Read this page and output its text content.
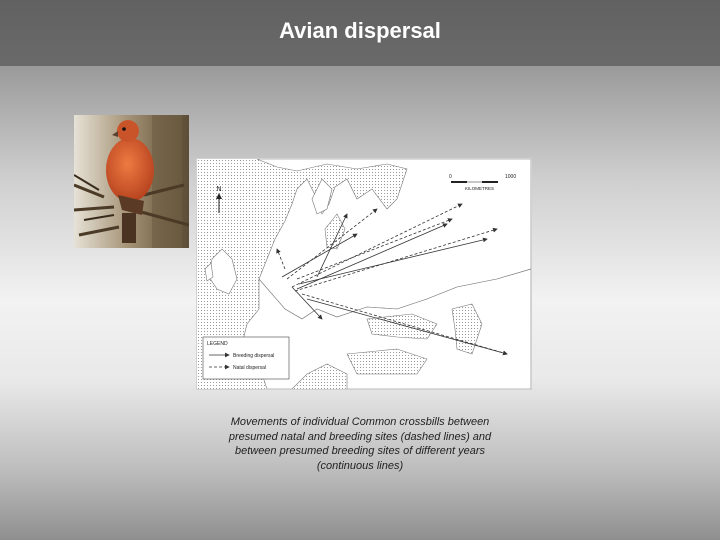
Avian dispersal
N
0	1000
KILOMETRES
LEGEND
Breeding dispersal
Natal dispersal
Movements of individual Common crossbills between presumed natal and breeding sites (dashed lines) and between presumed breeding sites of different years (continuous lines)
